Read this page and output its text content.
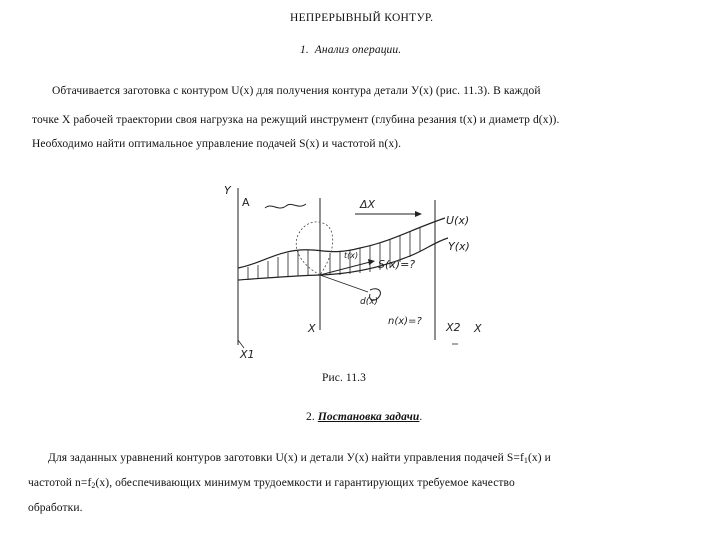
НЕПРЕРЫВНЫЙ КОНТУР.
1. Анализ операции.
Обтачивается заготовка с контуром U(x) для получения контура детали У(x) (рис. 11.3). В каждой
точке X рабочей траектории своя нагрузка на режущий инструмент (глубина резания t(x) и диаметр d(x)).
Необходимо найти оптимальное управление подачей S(x) и частотой n(x).
Y
A	ΔX
U(x)
Y(x)
t(x)
S(x)=?
d(x)
n(x)=?
X
X1
X2 X
Рис. 11.3
2. Постановка задачи.
Для заданных уравнений контуров заготовки U(x) и детали У(x) найти управления подачей $S=f_1(x)$ и
частотой $n=f_2(x)$, обеспечивающих минимум трудоемкости и гарантирующих требуемое качество
обработки.
